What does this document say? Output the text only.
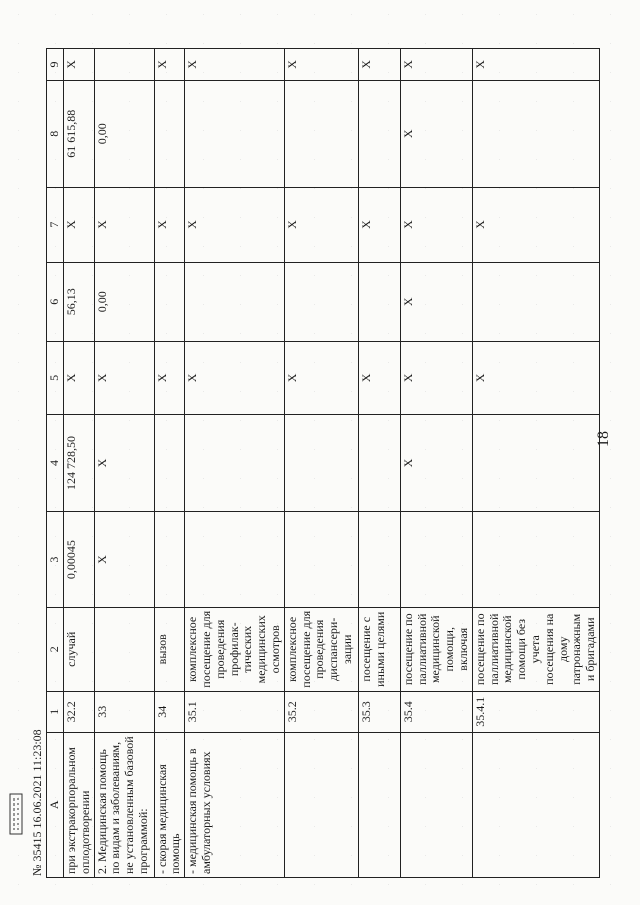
18
A	1	2	3	4	5	6	7	8	9
при экстракорпоральном оплодотворении	32.2	случай	0,00045	124 728,50	X	56,13	X	61 615,88	X
2. Медицинская помощь по видам и заболеваниям, не установленным базовой программой:	33		X	X	X	0,00	X	0,00	
- скорая медицинская помощь	34	вызов			X		X		X
- медицинская помощь в амбулаторных условиях	35.1	комплексное посещение для проведения профилак-тических медицинских осмотров			X		X		X
	35.2	комплексное посещение для проведения диспансери-зации			X		X		X
	35.3	посещение с иными целями			X		X		X
	35.4	посещение по паллиативной медицинской помощи, включая		X	X	X	X	X	X
	35.4.1	посещение по паллиативной медицинской помощи без учета посещения на дому патронажными бригадами			X		X		X
№ 35415 16.06.2021 11:23:08
